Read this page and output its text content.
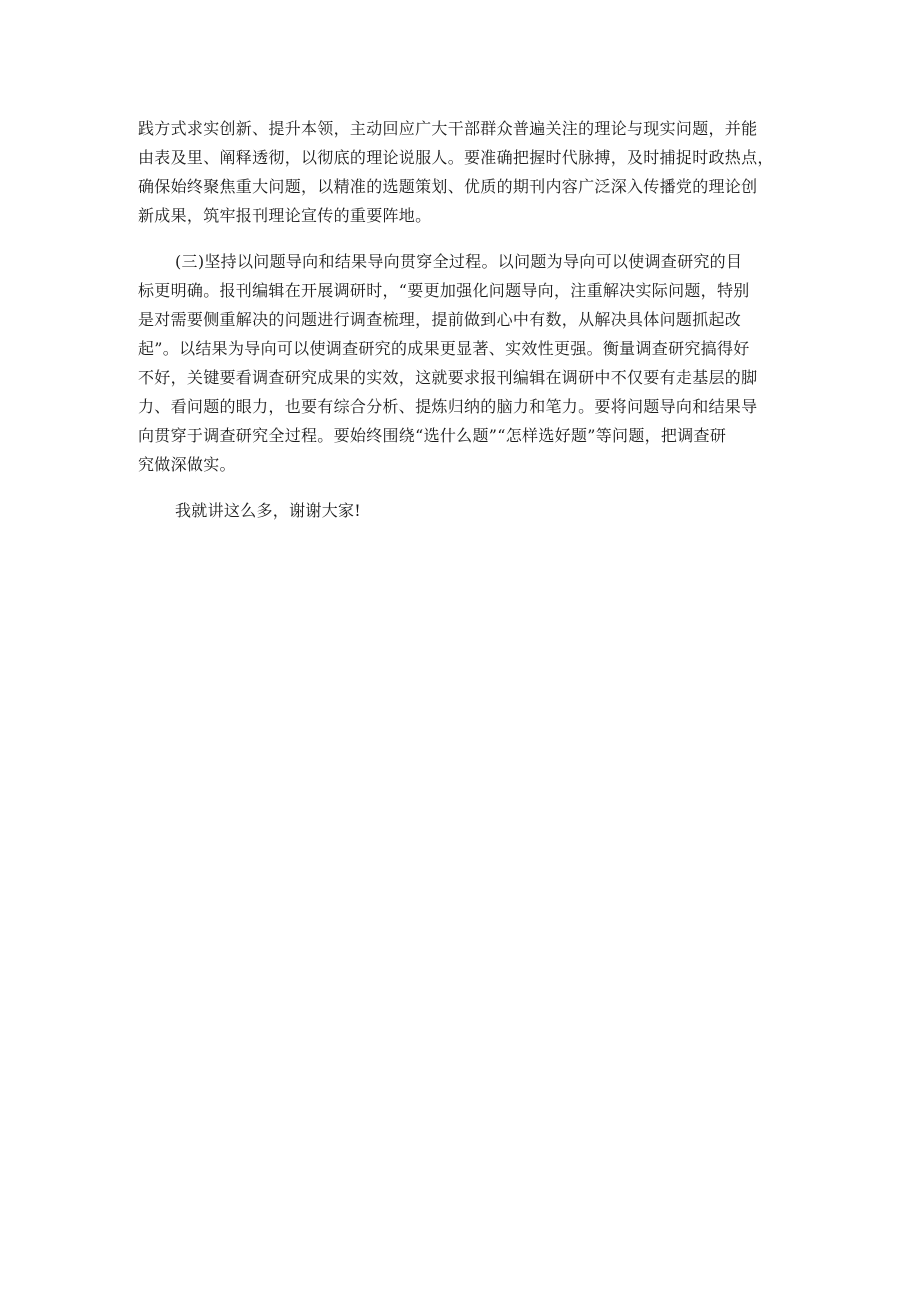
践方式求实创新、提升本领，主动回应广大干部群众普遍关注的理论与现实问题，并能
由表及里、阐释透彻，以彻底的理论说服人。要准确把握时代脉搏，及时捕捉时政热点，
确保始终聚焦重大问题，以精准的选题策划、优质的期刊内容广泛深入传播党的理论创
新成果，筑牢报刊理论宣传的重要阵地。
(三)坚持以问题导向和结果导向贯穿全过程。以问题为导向可以使调查研究的目
标更明确。报刊编辑在开展调研时，“要更加强化问题导向，注重解决实际问题，特别
是对需要侧重解决的问题进行调查梳理，提前做到心中有数，从解决具体问题抓起改
起”。以结果为导向可以使调查研究的成果更显著、实效性更强。衡量调查研究搞得好
不好，关键要看调查研究成果的实效，这就要求报刊编辑在调研中不仅要有走基层的脚
力、看问题的眼力，也要有综合分析、提炼归纳的脑力和笔力。要将问题导向和结果导
向贯穿于调查研究全过程。要始终围绕“选什么题”“怎样选好题”等问题，把调查研
究做深做实。
我就讲这么多，谢谢大家!
